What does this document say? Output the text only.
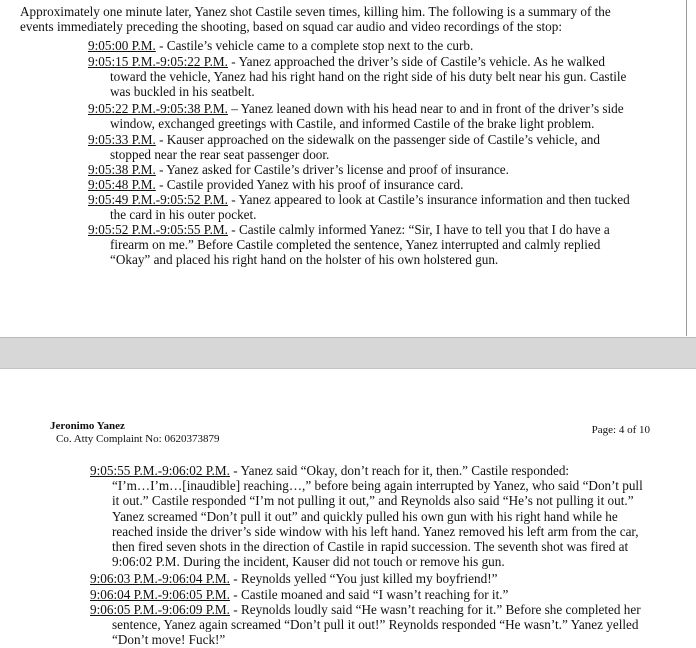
Approximately one minute later, Yanez shot Castile seven times, killing him. The following is a summary of the
events immediately preceding the shooting, based on squad car audio and video recordings of the stop:
9:05:00 P.M. - Castile’s vehicle came to a complete stop next to the curb.
9:05:15 P.M.-9:05:22 P.M. - Yanez approached the driver’s side of Castile’s vehicle. As he walked
toward the vehicle, Yanez had his right hand on the right side of his duty belt near his gun. Castile
was buckled in his seatbelt.
9:05:22 P.M.-9:05:38 P.M. – Yanez leaned down with his head near to and in front of the driver’s side
window, exchanged greetings with Castile, and informed Castile of the brake light problem.
9:05:33 P.M. - Kauser approached on the sidewalk on the passenger side of Castile’s vehicle, and
stopped near the rear seat passenger door.
9:05:38 P.M. - Yanez asked for Castile’s driver’s license and proof of insurance.
9:05:48 P.M. - Castile provided Yanez with his proof of insurance card.
9:05:49 P.M.-9:05:52 P.M. - Yanez appeared to look at Castile’s insurance information and then tucked
the card in his outer pocket.
9:05:52 P.M.-9:05:55 P.M. - Castile calmly informed Yanez: “Sir, I have to tell you that I do have a
firearm on me.” Before Castile completed the sentence, Yanez interrupted and calmly replied
“Okay” and placed his right hand on the holster of his own holstered gun.
Jeronimo Yanez
Co. Atty Complaint No: 0620373879
Page: 4 of 10
9:05:55 P.M.-9:06:02 P.M. - Yanez said “Okay, don’t reach for it, then.” Castile responded:
“I’m…I’m…[inaudible] reaching…,” before being again interrupted by Yanez, who said “Don’t pull
it out.” Castile responded “I’m not pulling it out,” and Reynolds also said “He’s not pulling it out.”
Yanez screamed “Don’t pull it out” and quickly pulled his own gun with his right hand while he
reached inside the driver’s side window with his left hand. Yanez removed his left arm from the car,
then fired seven shots in the direction of Castile in rapid succession. The seventh shot was fired at
9:06:02 P.M. During the incident, Kauser did not touch or remove his gun.
9:06:03 P.M.-9:06:04 P.M. - Reynolds yelled “You just killed my boyfriend!”
9:06:04 P.M.-9:06:05 P.M. - Castile moaned and said “I wasn’t reaching for it.”
9:06:05 P.M.-9:06:09 P.M. - Reynolds loudly said “He wasn’t reaching for it.” Before she completed her
sentence, Yanez again screamed “Don’t pull it out!” Reynolds responded “He wasn’t.” Yanez yelled
“Don’t move! Fuck!”
